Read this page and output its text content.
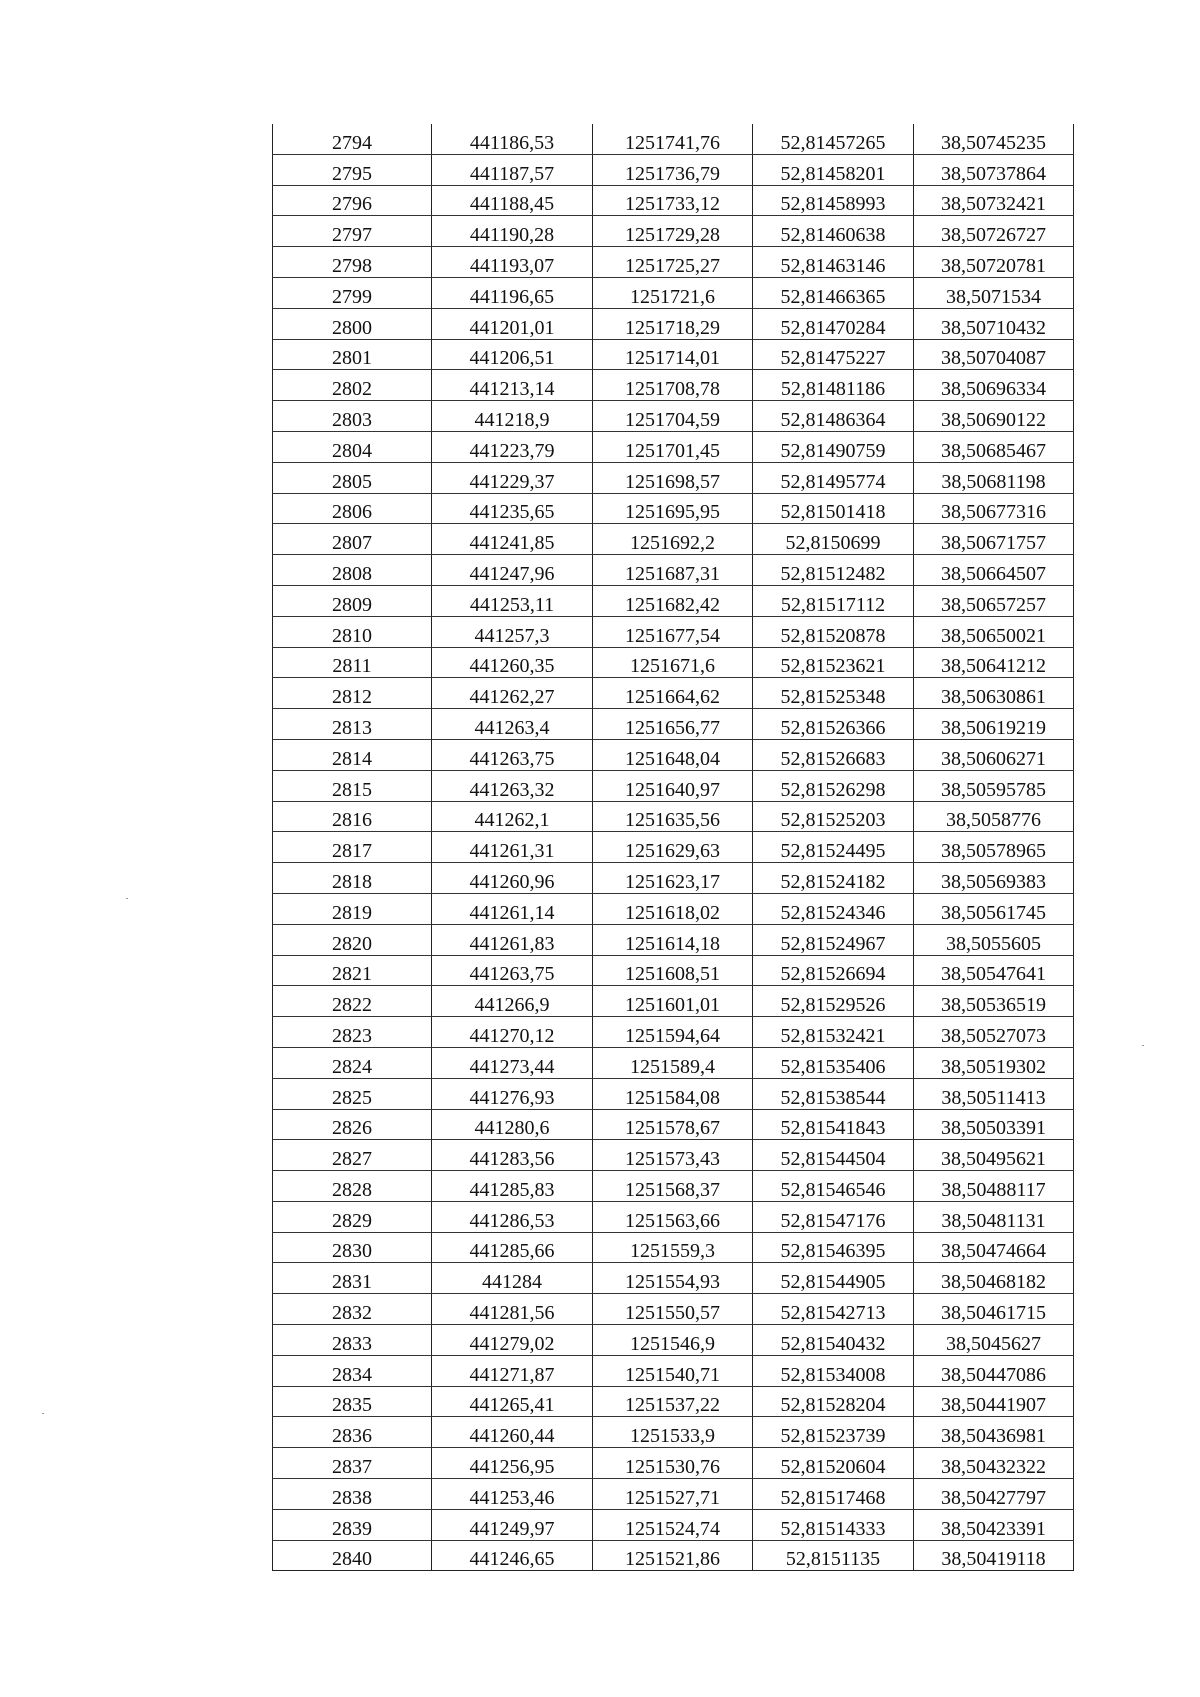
2794	441186,53	1251741,76	52,81457265	38,50745235
2795	441187,57	1251736,79	52,81458201	38,50737864
2796	441188,45	1251733,12	52,81458993	38,50732421
2797	441190,28	1251729,28	52,81460638	38,50726727
2798	441193,07	1251725,27	52,81463146	38,50720781
2799	441196,65	1251721,6	52,81466365	38,5071534
2800	441201,01	1251718,29	52,81470284	38,50710432
2801	441206,51	1251714,01	52,81475227	38,50704087
2802	441213,14	1251708,78	52,81481186	38,50696334
2803	441218,9	1251704,59	52,81486364	38,50690122
2804	441223,79	1251701,45	52,81490759	38,50685467
2805	441229,37	1251698,57	52,81495774	38,50681198
2806	441235,65	1251695,95	52,81501418	38,50677316
2807	441241,85	1251692,2	52,8150699	38,50671757
2808	441247,96	1251687,31	52,81512482	38,50664507
2809	441253,11	1251682,42	52,81517112	38,50657257
2810	441257,3	1251677,54	52,81520878	38,50650021
2811	441260,35	1251671,6	52,81523621	38,50641212
2812	441262,27	1251664,62	52,81525348	38,50630861
2813	441263,4	1251656,77	52,81526366	38,50619219
2814	441263,75	1251648,04	52,81526683	38,50606271
2815	441263,32	1251640,97	52,81526298	38,50595785
2816	441262,1	1251635,56	52,81525203	38,5058776
2817	441261,31	1251629,63	52,81524495	38,50578965
2818	441260,96	1251623,17	52,81524182	38,50569383
2819	441261,14	1251618,02	52,81524346	38,50561745
2820	441261,83	1251614,18	52,81524967	38,5055605
2821	441263,75	1251608,51	52,81526694	38,50547641
2822	441266,9	1251601,01	52,81529526	38,50536519
2823	441270,12	1251594,64	52,81532421	38,50527073
2824	441273,44	1251589,4	52,81535406	38,50519302
2825	441276,93	1251584,08	52,81538544	38,50511413
2826	441280,6	1251578,67	52,81541843	38,50503391
2827	441283,56	1251573,43	52,81544504	38,50495621
2828	441285,83	1251568,37	52,81546546	38,50488117
2829	441286,53	1251563,66	52,81547176	38,50481131
2830	441285,66	1251559,3	52,81546395	38,50474664
2831	441284	1251554,93	52,81544905	38,50468182
2832	441281,56	1251550,57	52,81542713	38,50461715
2833	441279,02	1251546,9	52,81540432	38,5045627
2834	441271,87	1251540,71	52,81534008	38,50447086
2835	441265,41	1251537,22	52,81528204	38,50441907
2836	441260,44	1251533,9	52,81523739	38,50436981
2837	441256,95	1251530,76	52,81520604	38,50432322
2838	441253,46	1251527,71	52,81517468	38,50427797
2839	441249,97	1251524,74	52,81514333	38,50423391
2840	441246,65	1251521,86	52,8151135	38,50419118
